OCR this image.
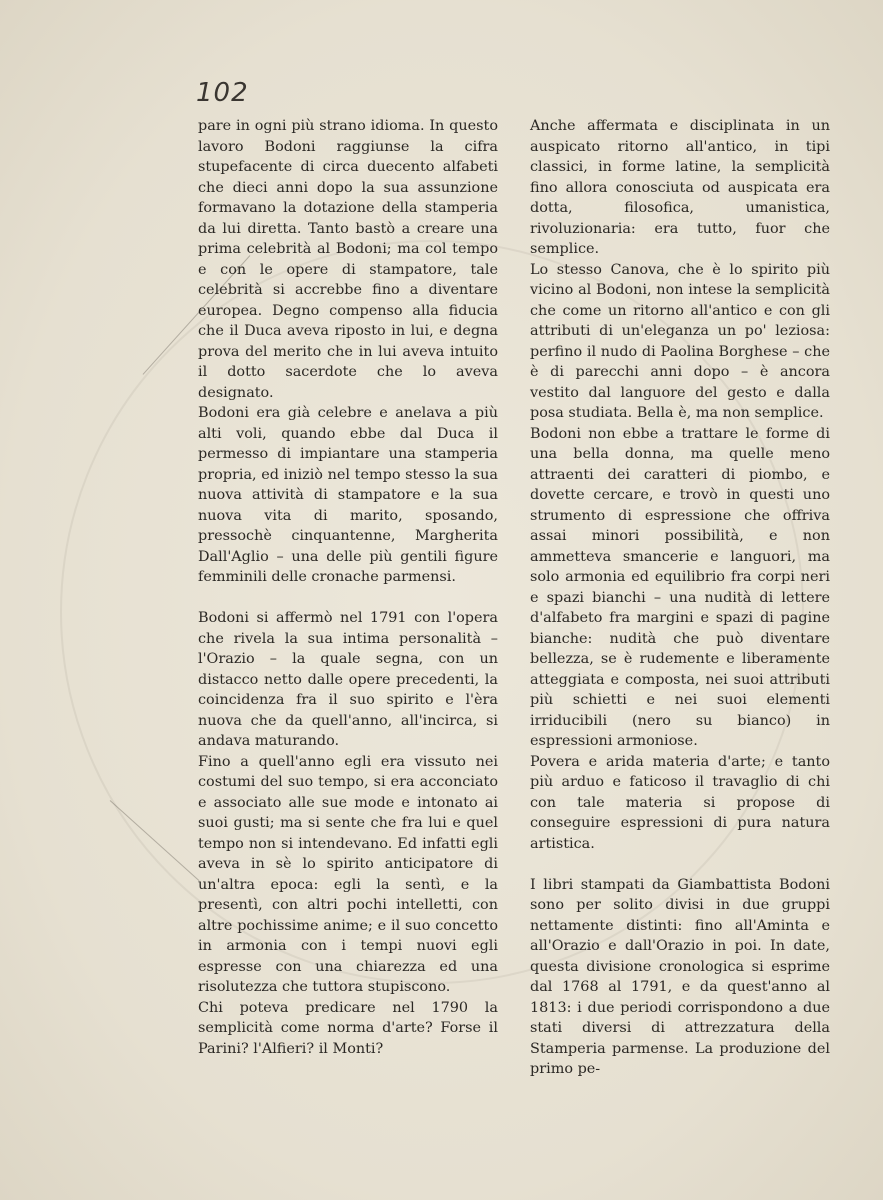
102

pare in ogni più strano idioma. In questo lavoro Bodoni raggiunse la cifra stupefacente di circa duecento alfabeti che dieci anni dopo la sua assunzione formavano la dotazione della stamperia da lui diretta. Tanto bastò a creare una prima celebrità al Bodoni; ma col tempo e con le opere di stampatore, tale celebrità si accrebbe fino a diventare europea. Degno compenso alla fiducia che il Duca aveva riposto in lui, e degna prova del merito che in lui aveva intuito il dotto sacerdote che lo aveva designato.

Bodoni era già celebre e anelava a più alti voli, quando ebbe dal Duca il permesso di impiantare una stamperia propria, ed iniziò nel tempo stesso la sua nuova attività di stampatore e la sua nuova vita di marito, sposando, pressochè cinquantenne, Margherita Dall'Aglio – una delle più gentili figure femminili delle cronache parmensi.

Bodoni si affermò nel 1791 con l'opera che rivela la sua intima personalità – l'Orazio – la quale segna, con un distacco netto dalle opere precedenti, la coincidenza fra il suo spirito e l'èra nuova che da quell'anno, all'incirca, si andava maturando.

Fino a quell'anno egli era vissuto nei costumi del suo tempo, si era acconciato e associato alle sue mode e intonato ai suoi gusti; ma si sente che fra lui e quel tempo non si intendevano. Ed infatti egli aveva in sè lo spirito anticipatore di un'altra epoca: egli la sentì, e la presentì, con altri pochi intelletti, con altre pochissime anime; e il suo concetto in armonia con i tempi nuovi egli espresse con una chiarezza ed una risolutezza che tuttora stupiscono.

Chi poteva predicare nel 1790 la semplicità come norma d'arte? Forse il Parini? l'Alfieri? il Monti?

Anche affermata e disciplinata in un auspicato ritorno all'antico, in tipi classici, in forme latine, la semplicità fino allora conosciuta od auspicata era dotta, filosofica, umanistica, rivoluzionaria: era tutto, fuor che semplice.

Lo stesso Canova, che è lo spirito più vicino al Bodoni, non intese la semplicità che come un ritorno all'antico e con gli attributi di un'eleganza un po' leziosa: perfino il nudo di Paolina Borghese – che è di parecchi anni dopo – è ancora vestito dal languore del gesto e dalla posa studiata. Bella è, ma non semplice.

Bodoni non ebbe a trattare le forme di una bella donna, ma quelle meno attraenti dei caratteri di piombo, e dovette cercare, e trovò in questi uno strumento di espressione che offriva assai minori possibilità, e non ammetteva smancerie e languori, ma solo armonia ed equilibrio fra corpi neri e spazi bianchi – una nudità di lettere d'alfabeto fra margini e spazi di pagine bianche: nudità che può diventare bellezza, se è rudemente e liberamente atteggiata e composta, nei suoi attributi più schietti e nei suoi elementi irriducibili (nero su bianco) in espressioni armoniose.

Povera e arida materia d'arte; e tanto più arduo e faticoso il travaglio di chi con tale materia si propose di conseguire espressioni di pura natura artistica.

I libri stampati da Giambattista Bodoni sono per solito divisi in due gruppi nettamente distinti: fino all'Aminta e all'Orazio e dall'Orazio in poi. In date, questa divisione cronologica si esprime dal 1768 al 1791, e da quest'anno al 1813: i due periodi corrispondono a due stati diversi di attrezzatura della Stamperia parmense. La produzione del primo pe-
